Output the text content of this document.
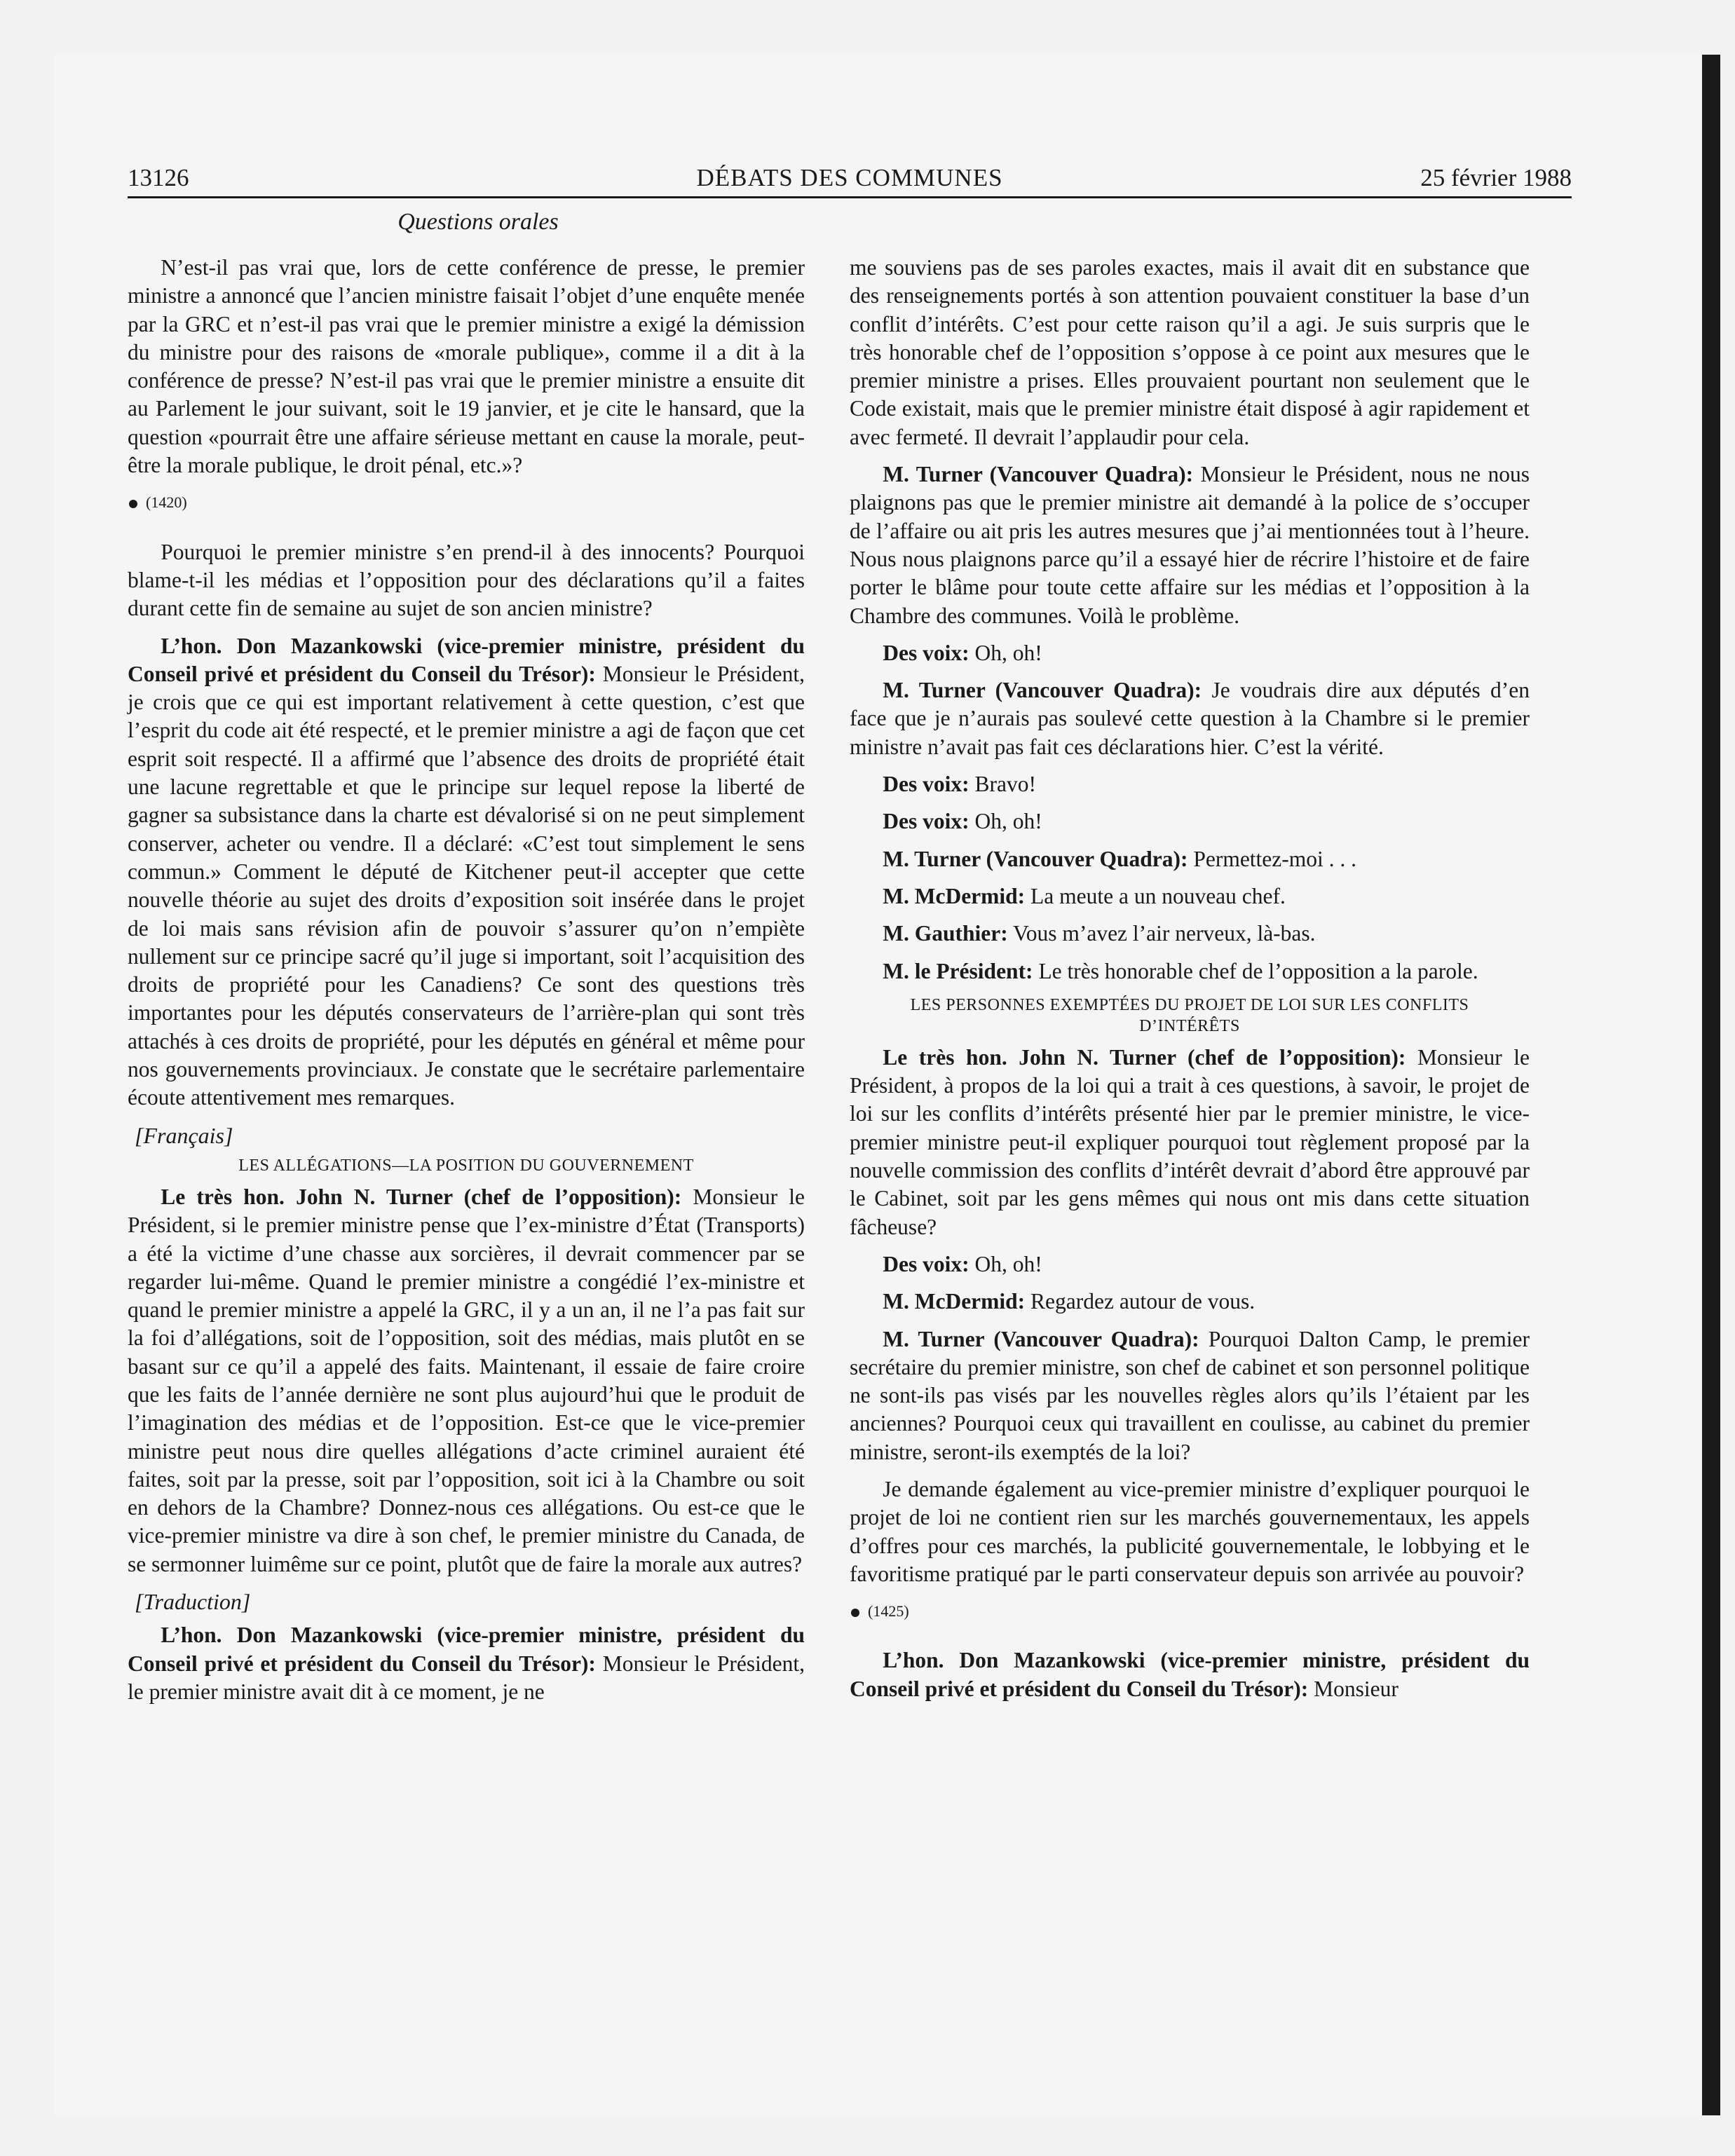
13126	DÉBATS DES COMMUNES	25 février 1988
Questions orales

N’est-il pas vrai que, lors de cette conférence de presse, le premier ministre a annoncé que l’ancien ministre faisait l’objet d’une enquête menée par la GRC et n’est-il pas vrai que le premier ministre a exigé la démission du ministre pour des raisons de «morale publique», comme il a dit à la conférence de presse? N’est-il pas vrai que le premier ministre a ensuite dit au Parlement le jour suivant, soit le 19 janvier, et je cite le hansard, que la question «pourrait être une affaire sérieuse mettant en cause la morale, peut-être la morale publique, le droit pénal, etc.»?

(1420)

Pourquoi le premier ministre s’en prend-il à des innocents? Pourquoi blame-t-il les médias et l’opposition pour des déclarations qu’il a faites durant cette fin de semaine au sujet de son ancien ministre?

L’hon. Don Mazankowski (vice-premier ministre, président du Conseil privé et président du Conseil du Trésor): Monsieur le Président, je crois que ce qui est important relativement à cette question, c’est que l’esprit du code ait été respecté, et le premier ministre a agi de façon que cet esprit soit respecté. Il a affirmé que l’absence des droits de propriété était une lacune regrettable et que le principe sur lequel repose la liberté de gagner sa subsistance dans la charte est dévalorisé si on ne peut simplement conserver, acheter ou vendre. Il a déclaré: «C’est tout simplement le sens commun.» Comment le député de Kitchener peut-il accepter que cette nouvelle théorie au sujet des droits d’exposition soit insérée dans le projet de loi mais sans révision afin de pouvoir s’assurer qu’on n’empiète nullement sur ce principe sacré qu’il juge si important, soit l’acquisition des droits de propriété pour les Canadiens? Ce sont des questions très importantes pour les députés conservateurs de l’arrière-plan qui sont très attachés à ces droits de propriété, pour les députés en général et même pour nos gouvernements provinciaux. Je constate que le secrétaire parlementaire écoute attentivement mes remarques.

[Français]
LES ALLÉGATIONS—LA POSITION DU GOUVERNEMENT

Le très hon. John N. Turner (chef de l’opposition): Monsieur le Président, si le premier ministre pense que l’ex-ministre d’État (Transports) a été la victime d’une chasse aux sorcières, il devrait commencer par se regarder lui-même. Quand le premier ministre a congédié l’ex-ministre et quand le premier ministre a appelé la GRC, il y a un an, il ne l’a pas fait sur la foi d’allégations, soit de l’opposition, soit des médias, mais plutôt en se basant sur ce qu’il a appelé des faits. Maintenant, il essaie de faire croire que les faits de l’année dernière ne sont plus aujourd’hui que le produit de l’imagination des médias et de l’opposition. Est-ce que le vice-premier ministre peut nous dire quelles allégations d’acte criminel auraient été faites, soit par la presse, soit par l’opposition, soit ici à la Chambre ou soit en dehors de la Chambre? Donnez-nous ces allégations. Ou est-ce que le vice-premier ministre va dire à son chef, le premier ministre du Canada, de se sermonner luimême sur ce point, plutôt que de faire la morale aux autres?

[Traduction]

L’hon. Don Mazankowski (vice-premier ministre, président du Conseil privé et président du Conseil du Trésor): Monsieur le Président, le premier ministre avait dit à ce moment, je ne

me souviens pas de ses paroles exactes, mais il avait dit en substance que des renseignements portés à son attention pouvaient constituer la base d’un conflit d’intérêts. C’est pour cette raison qu’il a agi. Je suis surpris que le très honorable chef de l’opposition s’oppose à ce point aux mesures que le premier ministre a prises. Elles prouvaient pourtant non seulement que le Code existait, mais que le premier ministre était disposé à agir rapidement et avec fermeté. Il devrait l’applaudir pour cela.

M. Turner (Vancouver Quadra): Monsieur le Président, nous ne nous plaignons pas que le premier ministre ait demandé à la police de s’occuper de l’affaire ou ait pris les autres mesures que j’ai mentionnées tout à l’heure. Nous nous plaignons parce qu’il a essayé hier de récrire l’histoire et de faire porter le blâme pour toute cette affaire sur les médias et l’opposition à la Chambre des communes. Voilà le problème.

Des voix: Oh, oh!

M. Turner (Vancouver Quadra): Je voudrais dire aux députés d’en face que je n’aurais pas soulevé cette question à la Chambre si le premier ministre n’avait pas fait ces déclarations hier. C’est la vérité.

Des voix: Bravo!

Des voix: Oh, oh!

M. Turner (Vancouver Quadra): Permettez-moi . . .

M. McDermid: La meute a un nouveau chef.

M. Gauthier: Vous m’avez l’air nerveux, là-bas.

M. le Président: Le très honorable chef de l’opposition a la parole.

LES PERSONNES EXEMPTÉES DU PROJET DE LOI SUR LES CONFLITS D’INTÉRÊTS

Le très hon. John N. Turner (chef de l’opposition): Monsieur le Président, à propos de la loi qui a trait à ces questions, à savoir, le projet de loi sur les conflits d’intérêts présenté hier par le premier ministre, le vice-premier ministre peut-il expliquer pourquoi tout règlement proposé par la nouvelle commission des conflits d’intérêt devrait d’abord être approuvé par le Cabinet, soit par les gens mêmes qui nous ont mis dans cette situation fâcheuse?

Des voix: Oh, oh!

M. McDermid: Regardez autour de vous.

M. Turner (Vancouver Quadra): Pourquoi Dalton Camp, le premier secrétaire du premier ministre, son chef de cabinet et son personnel politique ne sont-ils pas visés par les nouvelles règles alors qu’ils l’étaient par les anciennes? Pourquoi ceux qui travaillent en coulisse, au cabinet du premier ministre, seront-ils exemptés de la loi?

Je demande également au vice-premier ministre d’expliquer pourquoi le projet de loi ne contient rien sur les marchés gouvernementaux, les appels d’offres pour ces marchés, la publicité gouvernementale, le lobbying et le favoritisme pratiqué par le parti conservateur depuis son arrivée au pouvoir?

(1425)

L’hon. Don Mazankowski (vice-premier ministre, président du Conseil privé et président du Conseil du Trésor): Monsieur
